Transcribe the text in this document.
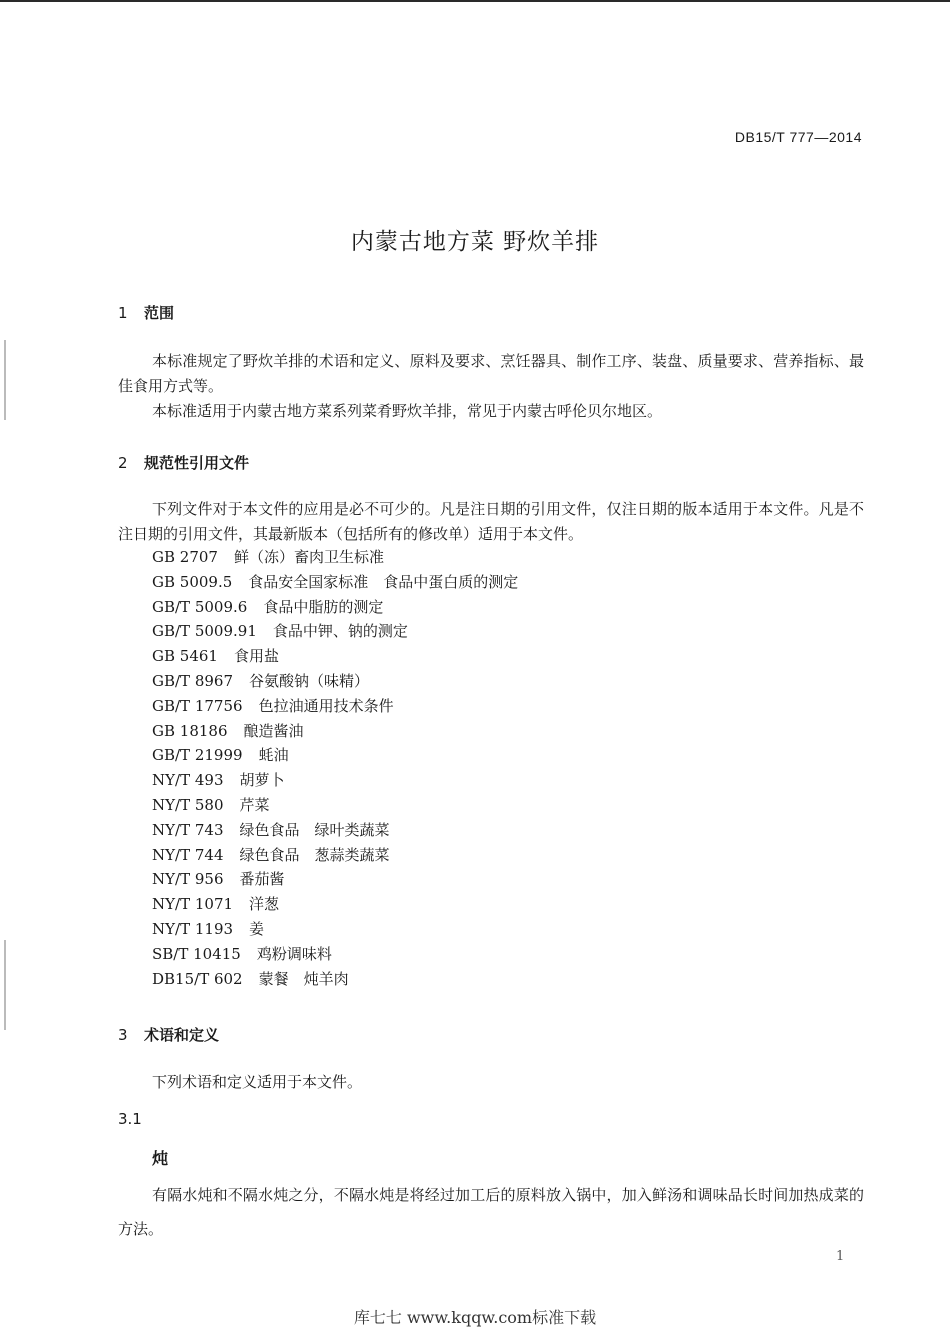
DB15/T 777—2014
内蒙古地方菜 野炊羊排
1 范围
本标准规定了野炊羊排的术语和定义、原料及要求、烹饪器具、制作工序、装盘、质量要求、营养指标、最佳食用方式等。
本标准适用于内蒙古地方菜系列菜肴野炊羊排，常见于内蒙古呼伦贝尔地区。
2 规范性引用文件
下列文件对于本文件的应用是必不可少的。凡是注日期的引用文件，仅注日期的版本适用于本文件。凡是不注日期的引用文件，其最新版本（包括所有的修改单）适用于本文件。
GB 2707 鲜（冻）畜肉卫生标准
GB 5009.5 食品安全国家标准　食品中蛋白质的测定
GB/T 5009.6 食品中脂肪的测定
GB/T 5009.91 食品中钾、钠的测定
GB 5461 食用盐
GB/T 8967 谷氨酸钠（味精）
GB/T 17756 色拉油通用技术条件
GB 18186 酿造酱油
GB/T 21999 蚝油
NY/T 493 胡萝卜
NY/T 580 芹菜
NY/T 743 绿色食品　绿叶类蔬菜
NY/T 744 绿色食品　葱蒜类蔬菜
NY/T 956 番茄酱
NY/T 1071 洋葱
NY/T 1193 姜
SB/T 10415 鸡粉调味料
DB15/T 602 蒙餐　炖羊肉
3 术语和定义
下列术语和定义适用于本文件。
3.1
炖
有隔水炖和不隔水炖之分，不隔水炖是将经过加工后的原料放入锅中，加入鲜汤和调味品长时间加热成菜的方法。
1
库七七 www.kqqw.com标准下载
